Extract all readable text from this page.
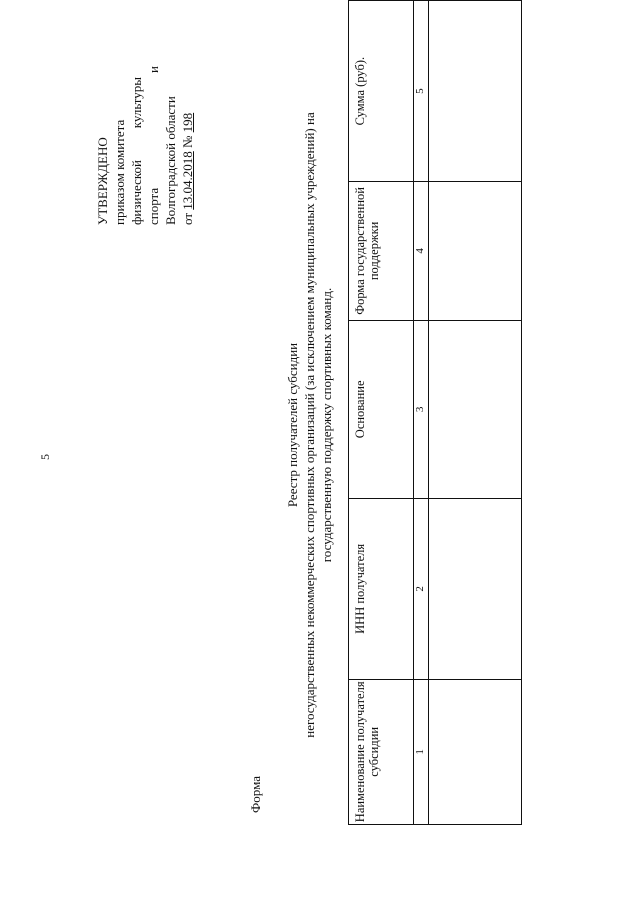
5
УТВЕРЖДЕНО приказом комитета физической
культуры
и
спорта Волгоградской области от 13.04.2018 № 198
Форма
Реестр получателей субсидии негосударственных некоммерческих спортивных организаций (за исключением муниципальных учреждений) на государственную поддержку спортивных команд.
Наименование получателя субсидии	ИНН получателя	Основание	Форма государственной поддержки	Сумма (руб).
1	2	3	4	5
